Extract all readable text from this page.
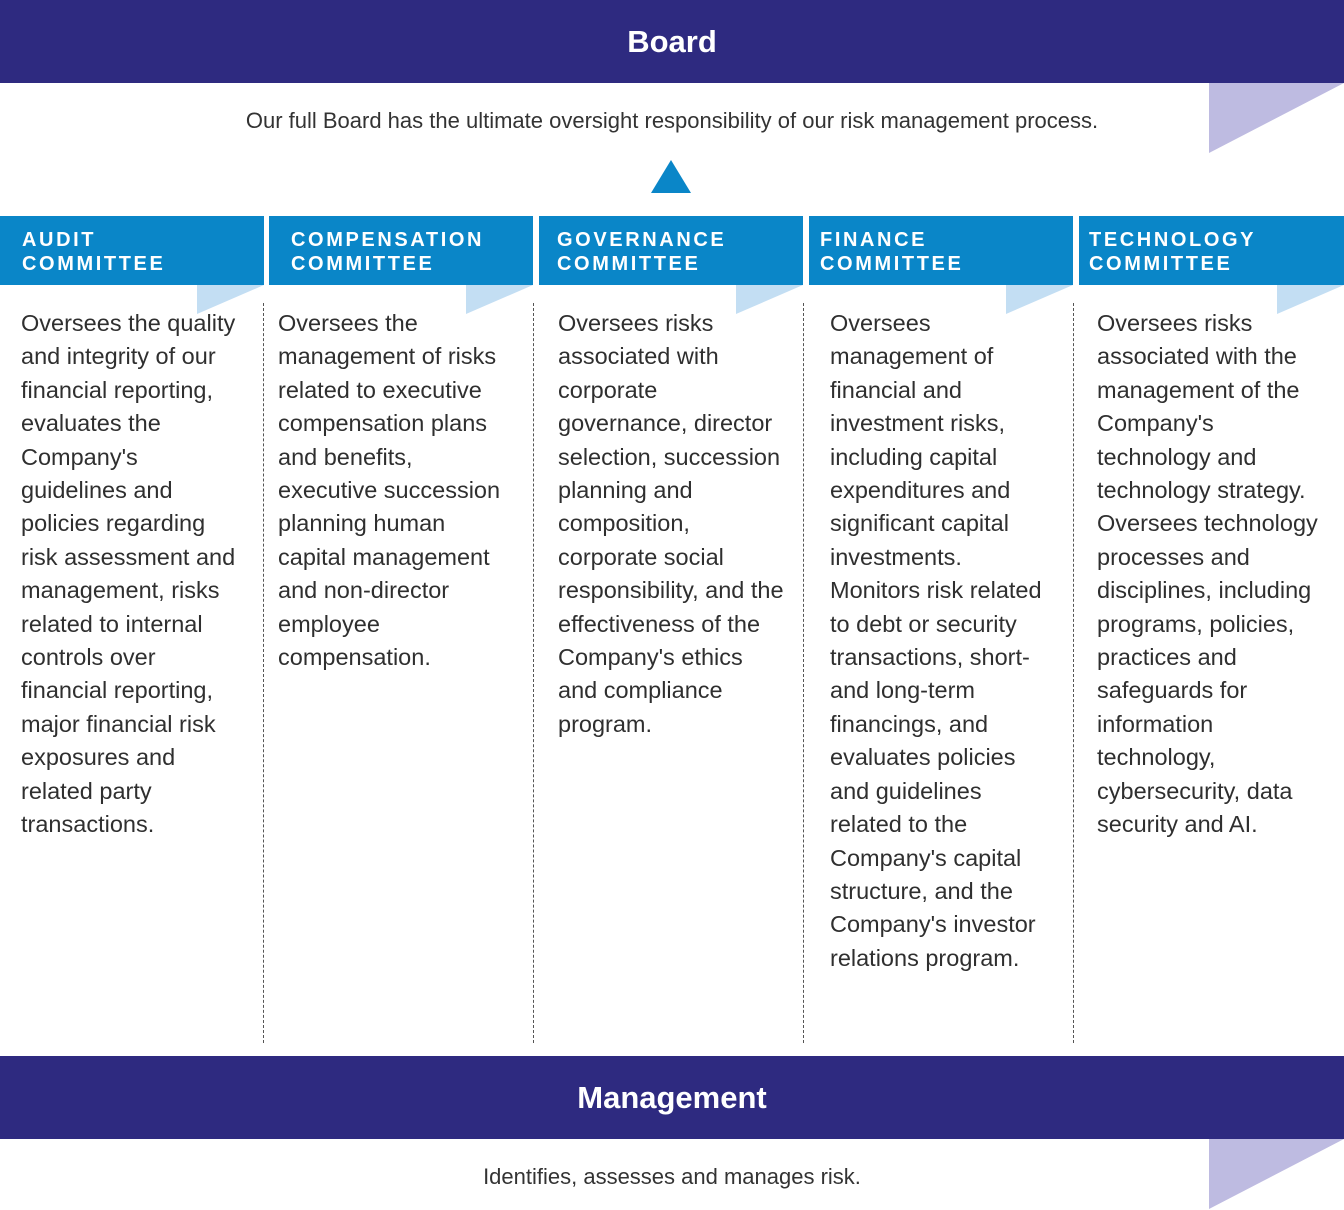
Board
Our full Board has the ultimate oversight responsibility of our risk management process.
AUDIT
COMMITTEE
Oversees the quality and integrity of our financial reporting, evaluates the Company's guidelines and policies regarding risk assessment and management, risks related to internal controls over financial reporting, major financial risk exposures and related party transactions.
COMPENSATION
COMMITTEE
Oversees the management of risks related to executive compensation plans and benefits, executive succession planning human capital management and non-director employee compensation.
GOVERNANCE
COMMITTEE
Oversees risks associated with corporate governance, director selection, succession planning and composition, corporate social responsibility, and the effectiveness of the Company's ethics and compliance program.
FINANCE
COMMITTEE
Oversees management of financial and investment risks, including capital expenditures and significant capital investments. Monitors risk related to debt or security transactions, short- and long-term financings, and evaluates policies and guidelines related to the Company's capital structure, and the Company's investor relations program.
TECHNOLOGY
COMMITTEE
Oversees risks associated with the management of the Company's technology and technology strategy. Oversees technology processes and disciplines, including programs, policies, practices and safeguards for information technology, cybersecurity, data security and AI.
Management
Identifies, assesses and manages risk.
